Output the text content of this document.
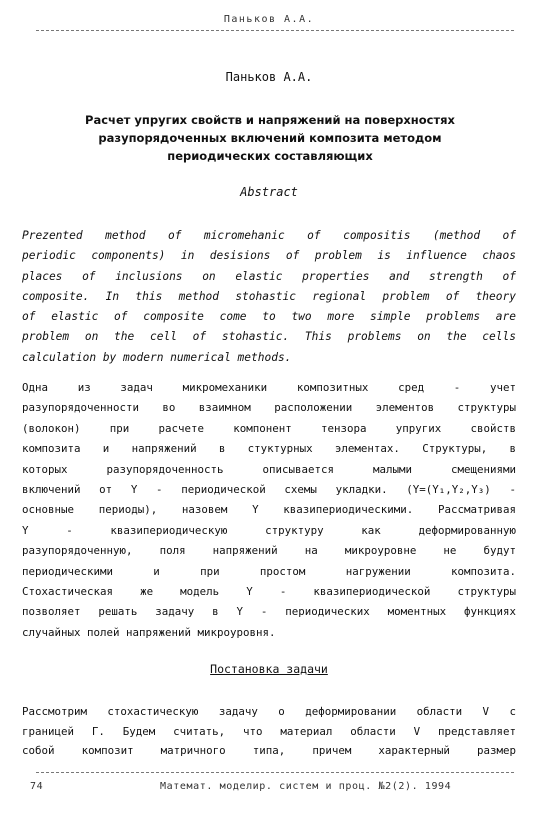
Паньков А.А.
Паньков А.А.
Расчет упругих свойств и напряжений на поверхностях
разупорядоченных включений композита методом
периодических составляющих
Abstract
Prezented method of micromehanic of compositis (method of
periodic components) in desisions of problem is influence chaos
places of inclusions on elastic properties and strength of
composite. In this method stohastic regional problem of theory
of elastic of composite come to two more simple problems are
problem on the cell of stohastic. This problems on the cells
calculation by modern numerical methods.
Одна из задач микромеханики композитных сред - учет
разупорядоченности во взаимном расположении элементов структуры
(волокон) при расчете компонент тензора упругих свойств
композита и напряжений в стуктурных элементах. Структуры, в
которых разупорядоченность описывается малыми смещениями
включений от Y - периодической схемы укладки. (Y=(Y₁,Y₂,Y₃) -
основные периоды), назовем Y квазипериодическими. Рассматривая
Y - квазипериодическую структуру как деформированную
разупорядоченную, поля напряжений на микроуровне не будут
периодическими и при простом нагружении композита.
Стохастическая же модель Y - квазипериодической структуры
позволяет решать задачу в Y - периодических моментных функциях
случайных полей напряжений микроуровня.
Постановка задачи
Рассмотрим стохастическую задачу о деформировании области V с
границей Γ. Будем считать, что материал области V представляет
собой композит матричного типа, причем характерный размер
74	Математ. моделир. систем и проц. №2(2). 1994
